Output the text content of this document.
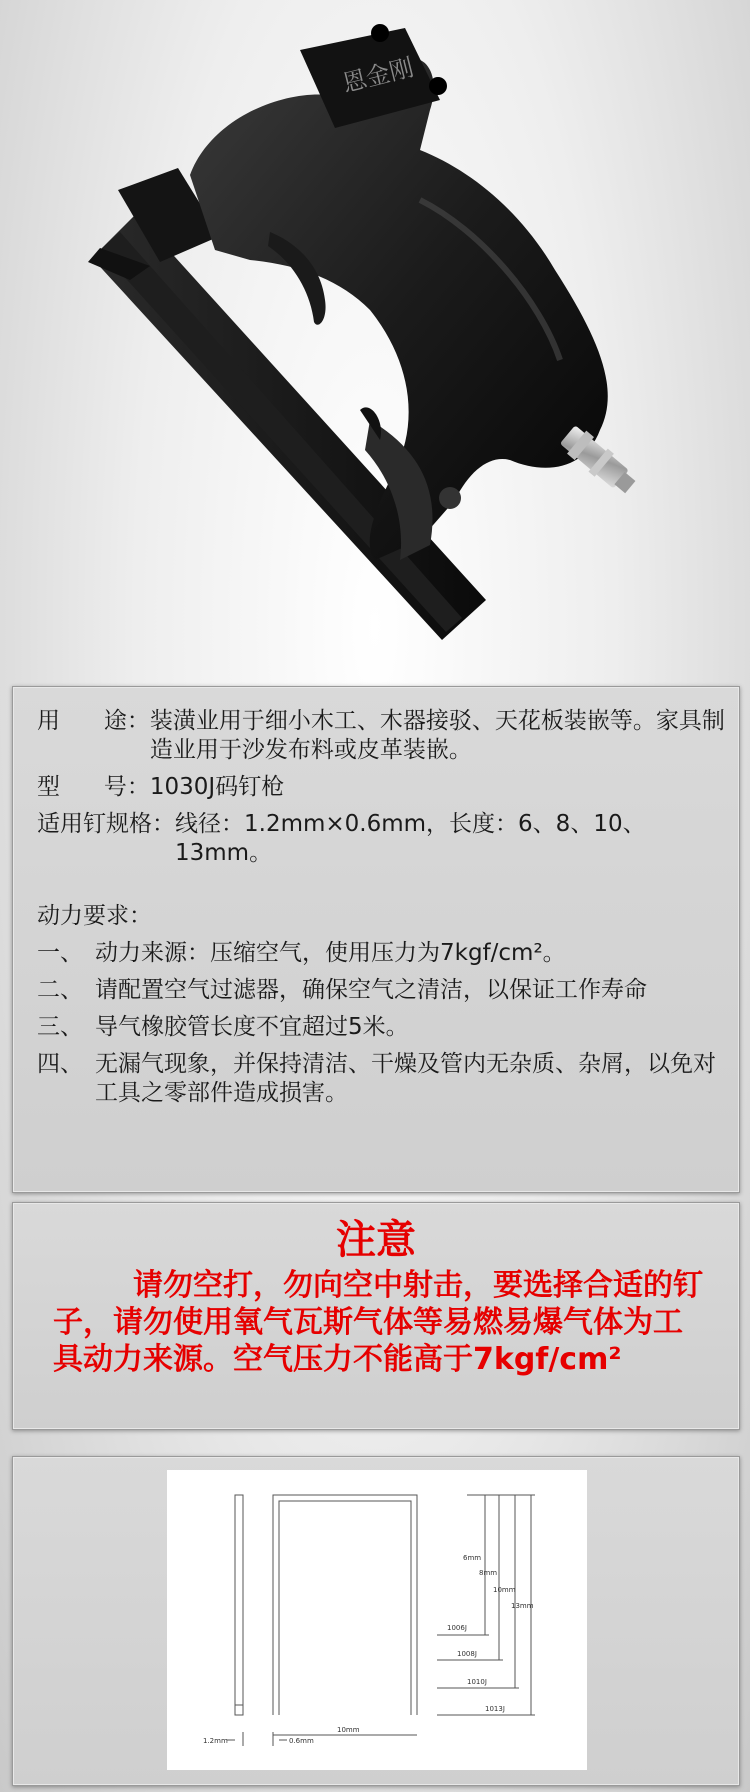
恩金刚
用      途： 装潢业用于细小木工、木器接驳、天花板装嵌等。家具制造业用于沙发布料或皮革装嵌。
型      号： 1030J码钉枪
适用钉规格： 线径：1.2mm×0.6mm，长度：6、8、10、13mm。
动力要求：
一、 动力来源：压缩空气，使用压力为7kgf/cm²。
二、 请配置空气过滤器，确保空气之清洁，以保证工作寿命
三、 导气橡胶管长度不宜超过5米。
四、 无漏气现象，并保持清洁、干燥及管内无杂质、杂屑，以免对工具之零部件造成损害。
注意
请勿空打，勿向空中射击，要选择合适的钉子，请勿使用氧气瓦斯气体等易燃易爆气体为工具动力来源。空气压力不能高于7kgf/cm²
6mm
8mm
10mm
13mm
1006J
1008J
1010J
1013J
10mm
1.2mm	0.6mm
